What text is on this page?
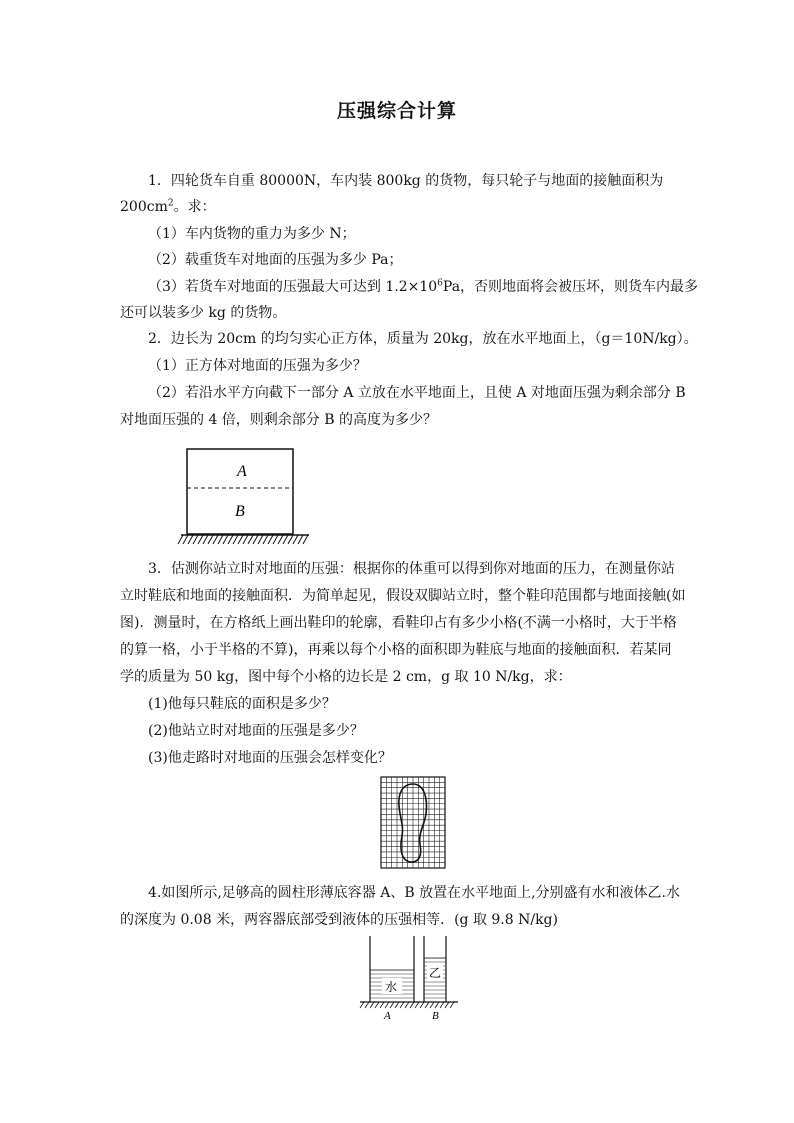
压强综合计算
1．四轮货车自重 80000N，车内装 800kg 的货物，每只轮子与地面的接触面积为
$200cm^2$。求：
（1）车内货物的重力为多少 N；
（2）载重货车对地面的压强为多少 Pa；
（3）若货车对地面的压强最大可达到 $1.2\times 10^6Pa$，否则地面将会被压坏，则货车内最多
还可以装多少 kg 的货物。
2．边长为 20cm 的均匀实心正方体，质量为 20kg，放在水平地面上，（g＝10N/kg）。
（1）正方体对地面的压强为多少？
（2）若沿水平方向截下一部分 A 立放在水平地面上，且使 A 对地面压强为剩余部分 B
对地面压强的 4 倍，则剩余部分 B 的高度为多少？
A
B
3．估测你站立时对地面的压强：根据你的体重可以得到你对地面的压力，在测量你站
立时鞋底和地面的接触面积．为简单起见，假设双脚站立时，整个鞋印范围都与地面接触(如
图)．测量时，在方格纸上画出鞋印的轮廓，看鞋印占有多少小格(不满一小格时，大于半格
的算一格，小于半格的不算)，再乘以每个小格的面积即为鞋底与地面的接触面积．若某同
学的质量为 50 kg，图中每个小格的边长是 2 cm，g 取 10 N/kg，求：
(1)他每只鞋底的面积是多少？
(2)他站立时对地面的压强是多少？
(3)他走路时对地面的压强会怎样变化？
4.如图所示,足够高的圆柱形薄底容器 A、B 放置在水平地面上,分别盛有水和液体乙.水
的深度为 0.08 米，两容器底部受到液体的压强相等．(g 取 9.8 N/kg)
水
乙
A	B
